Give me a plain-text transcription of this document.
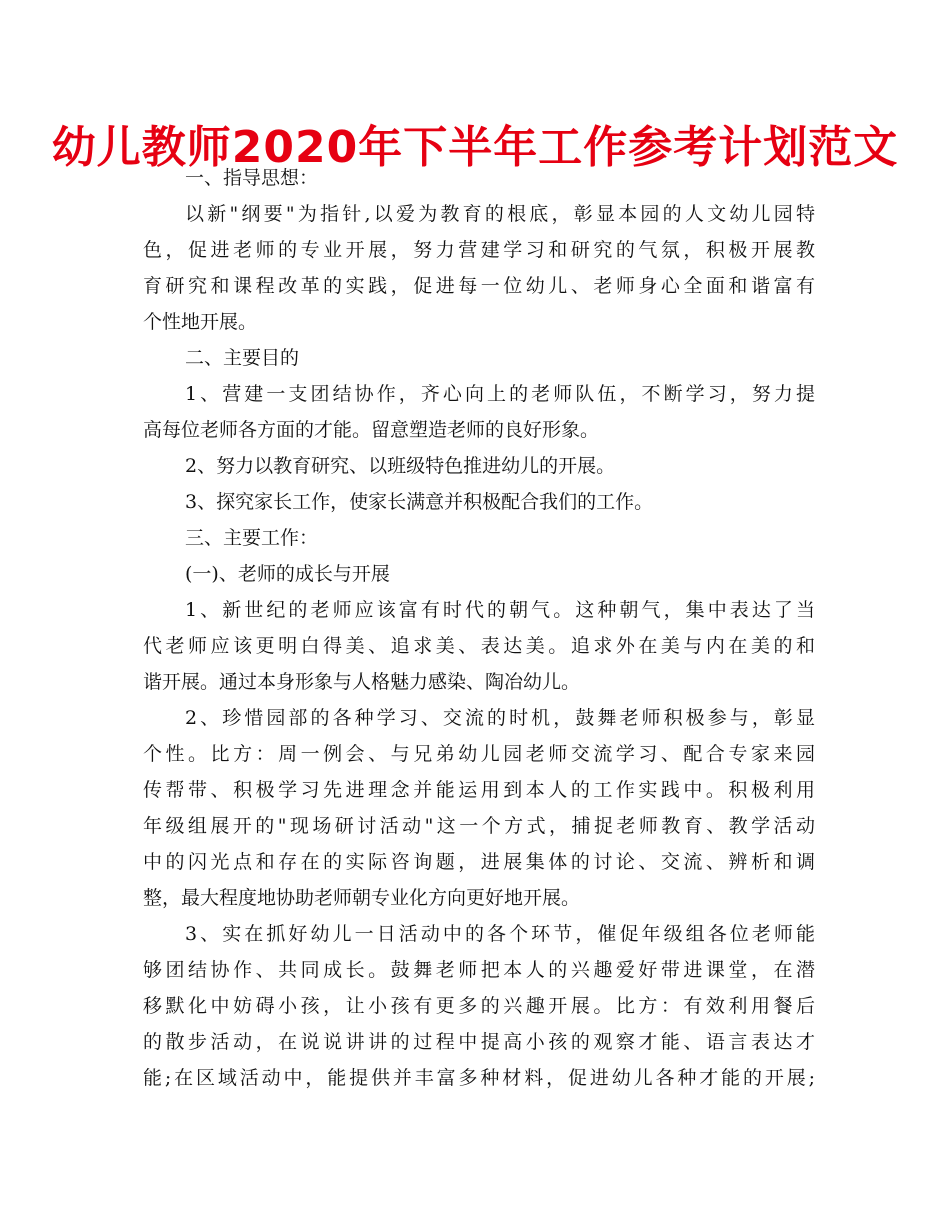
幼儿教师2020年下半年工作参考计划范文
一、指导思想：
以新"纲要"为指针,以爱为教育的根底，彰显本园的人文幼儿园特
色，促进老师的专业开展，努力营建学习和研究的气氛，积极开展教
育研究和课程改革的实践，促进每一位幼儿、老师身心全面和谐富有
个性地开展。
二、主要目的
1、营建一支团结协作，齐心向上的老师队伍，不断学习，努力提
高每位老师各方面的才能。留意塑造老师的良好形象。
2、努力以教育研究、以班级特色推进幼儿的开展。
3、探究家长工作，使家长满意并积极配合我们的工作。
三、主要工作：
(一)、老师的成长与开展
1、新世纪的老师应该富有时代的朝气。这种朝气，集中表达了当
代老师应该更明白得美、追求美、表达美。追求外在美与内在美的和
谐开展。通过本身形象与人格魅力感染、陶冶幼儿。
2、珍惜园部的各种学习、交流的时机，鼓舞老师积极参与，彰显
个性。比方：周一例会、与兄弟幼儿园老师交流学习、配合专家来园
传帮带、积极学习先进理念并能运用到本人的工作实践中。积极利用
年级组展开的"现场研讨活动"这一个方式，捕捉老师教育、教学活动
中的闪光点和存在的实际咨询题，进展集体的讨论、交流、辨析和调
整，最大程度地协助老师朝专业化方向更好地开展。
3、实在抓好幼儿一日活动中的各个环节，催促年级组各位老师能
够团结协作、共同成长。鼓舞老师把本人的兴趣爱好带进课堂，在潜
移默化中妨碍小孩，让小孩有更多的兴趣开展。比方：有效利用餐后
的散步活动，在说说讲讲的过程中提高小孩的观察才能、语言表达才
能;在区域活动中，能提供并丰富多种材料，促进幼儿各种才能的开展;
